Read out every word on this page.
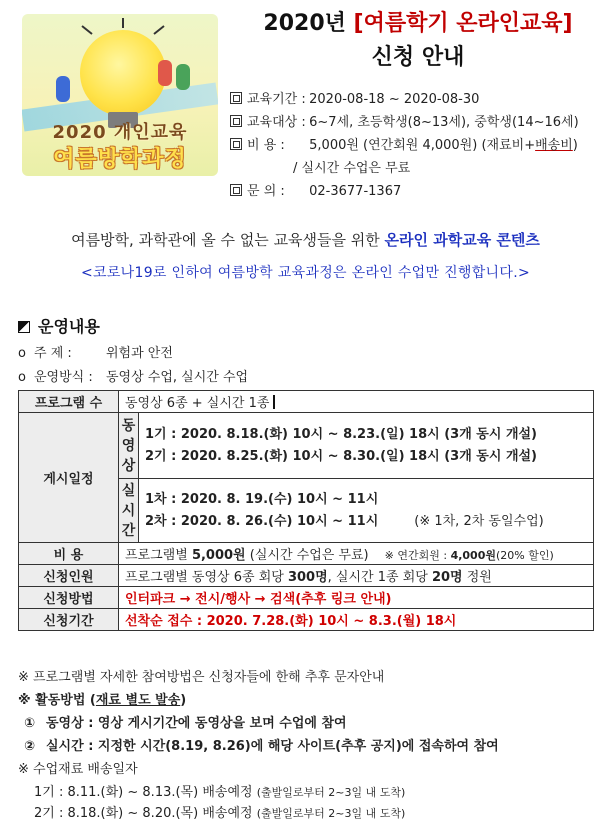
2020 개인교육
여름방학과정
2020년 [여름학기 온라인교육]
신청 안내
교육기간 : 2020-08-18 ~ 2020-08-30
교육대상 : 6~7세, 초등학생(8~13세), 중학생(14~16세)
비 용 : 5,000원 (연간회원 4,000원) (재료비+배송비)
/ 실시간 수업은 무료
문 의 : 02-3677-1367
여름방학, 과학관에 올 수 없는 교육생들을 위한 온라인 과학교육 콘텐츠
<코로나19로 인하여 여름방학 교육과정은 온라인 수업만 진행합니다.>
운영내용
o 주 제 :	위험과 안전
o 운영방식 : 동영상 수업, 실시간 수업
프로그램 수	동영상 6종 + 실시간 1종	
게시일정	동영상	1기 : 2020. 8.18.(화) 10시 ~ 8.23.(일) 18시 (3개 동시 개설)
2기 : 2020. 8.25.(화) 10시 ~ 8.30.(일) 18시 (3개 동시 개설)

	실시간	1차 : 2020. 8. 19.(수) 10시 ~ 11시
2차 : 2020. 8. 26.(수) 10시 ~ 11시 (※ 1차, 2차 동일수업)

비 용	프로그램별 5,000원 (실시간 수업은 무료) ※ 연간회원 : 4,000원(20% 할인)	
신청인원	프로그램별 동영상 6종 회당 300명, 실시간 1종 회당 20명 정원	
신청방법	인터파크 → 전시/행사 → 검색(추후 링크 안내)	
신청기간	선착순 접수 : 2020. 7.28.(화) 10시 ~ 8.3.(월) 18시	
※ 프로그램별 자세한 참여방법은 신청자들에 한해 추후 문자안내
※ 활동방법 (재료 별도 발송)
① 동영상 : 영상 게시기간에 동영상을 보며 수업에 참여
② 실시간 : 지정한 시간(8.19, 8.26)에 해당 사이트(추후 공지)에 접속하여 참여
※ 수업재료 배송일자
1기 : 8.11.(화) ~ 8.13.(목) 배송예정 (출발일로부터 2~3일 내 도착)
2기 : 8.18.(화) ~ 8.20.(목) 배송예정 (출발일로부터 2~3일 내 도착)
